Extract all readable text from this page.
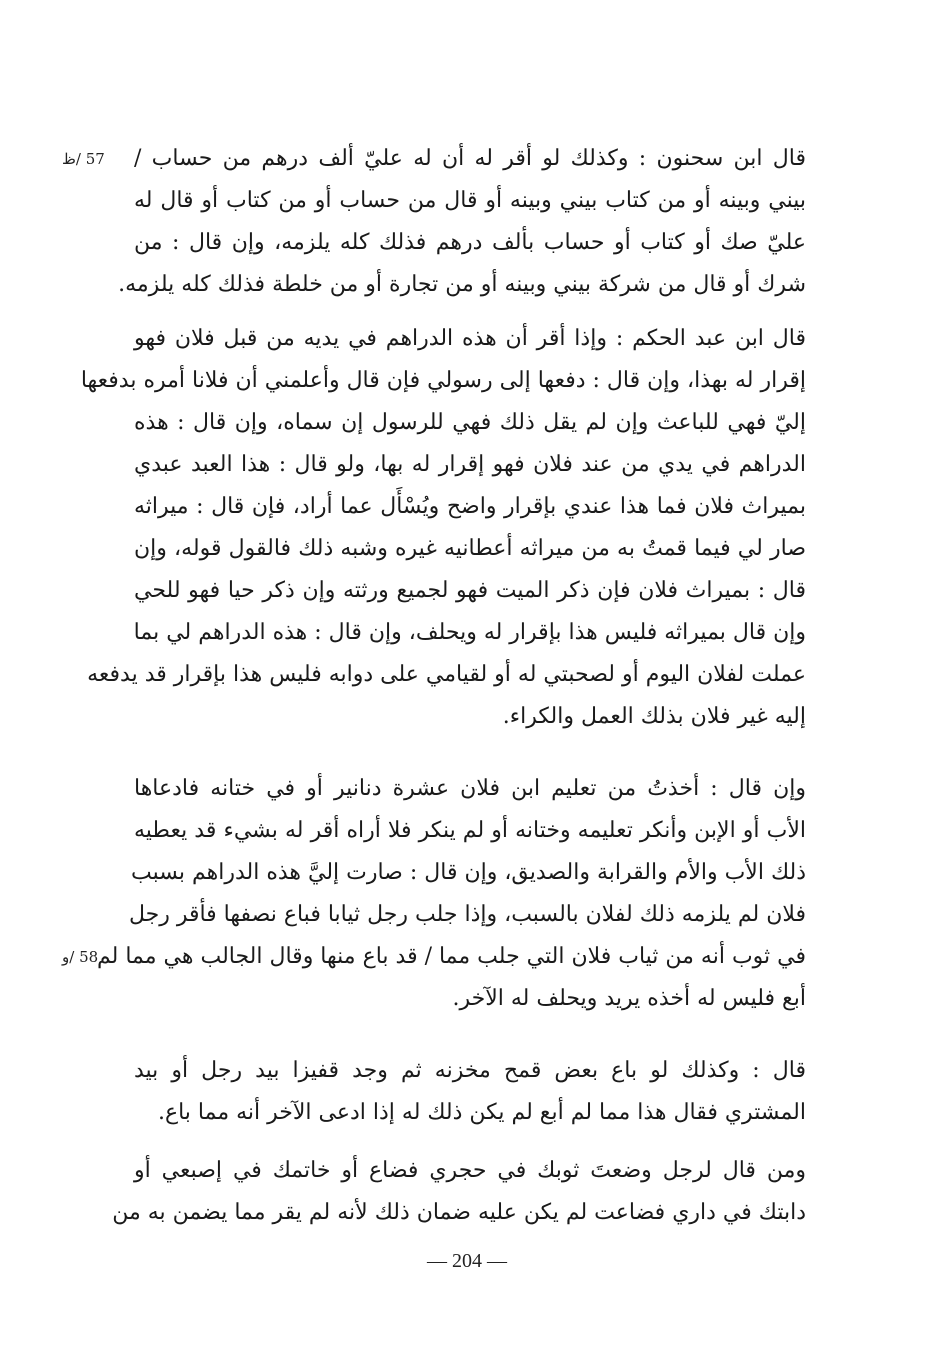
57 /ظ
58 /و

قال ابن سحنون : وكذلك لو أقر له أن له عليّ ألف درهم من حساب /
بيني وبينه أو من كتاب بيني وبينه أو قال من حساب أو من كتاب أو قال له
عليّ صك أو كتاب أو حساب بألف درهم فذلك كله يلزمه، وإن قال : من
شرك أو قال من شركة بيني وبينه أو من تجارة أو من خلطة فذلك كله يلزمه.

قال ابن عبد الحكم : وإذا أقر أن هذه الدراهم في يديه من قبل فلان فهو
إقرار له بهذا، وإن قال : دفعها إلى رسولي فإن قال وأعلمني أن فلانا أمره بدفعها
إليّ فهي للباعث وإن لم يقل ذلك فهي للرسول إن سماه، وإن قال : هذه
الدراهم في يدي من عند فلان فهو إقرار له بها، ولو قال : هذا العبد عبدي
بميراث فلان فما هذا عندي بإقرار واضح ويُسْأَل عما أراد، فإن قال : ميراثه
صار لي فيما قمتُ به من ميراثه أعطانيه غيره وشبه ذلك فالقول قوله، وإن
قال : بميراث فلان فإن ذكر الميت فهو لجميع ورثته وإن ذكر حيا فهو للحي
وإن قال بميراثه فليس هذا بإقرار له ويحلف، وإن قال : هذه الدراهم لي بما
عملت لفلان اليوم أو لصحبتي له أو لقيامي على دوابه فليس هذا بإقرار قد يدفعه
إليه غير فلان بذلك العمل والكراء.

وإن قال : أخذتُ من تعليم ابن فلان عشرة دنانير أو في ختانه فادعاها
الأب أو الإبن وأنكر تعليمه وختانه أو لم ينكر فلا أراه أقر له بشيء قد يعطيه
ذلك الأب والأم والقرابة والصديق، وإن قال : صارت إليَّ هذه الدراهم بسبب
فلان لم يلزمه ذلك لفلان بالسبب، وإذا جلب رجل ثيابا فباع نصفها فأقر رجل
في ثوب أنه من ثياب فلان التي جلب مما / قد باع منها وقال الجالب هي مما لم
أبع فليس له أخذه يريد ويحلف له الآخر.

قال : وكذلك لو باع بعض قمح مخزنه ثم وجد قفيزا بيد رجل أو بيد
المشتري فقال هذا مما لم أبع لم يكن ذلك له إذا ادعى الآخر أنه مما باع.

ومن قال لرجل وضعتَ ثوبك في حجري فضاع أو خاتمك في إصبعي أو
دابتك في داري فضاعت لم يكن عليه ضمان ذلك لأنه لم يقر مما يضمن به من

— 204 —
